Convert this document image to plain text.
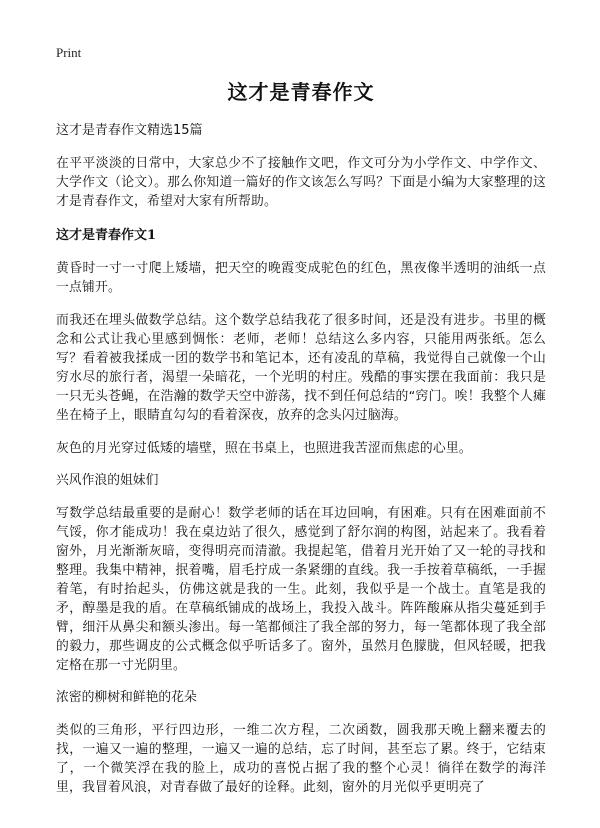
Print

这才是青春作文

这才是青春作文精选15篇

在平平淡淡的日常中，大家总少不了接触作文吧，作文可分为小学作文、中学作文、大学作文（论文）。那么你知道一篇好的作文该怎么写吗？下面是小编为大家整理的这才是青春作文，希望对大家有所帮助。

这才是青春作文1

黄昏时一寸一寸爬上矮墙，把天空的晚霞变成驼色的红色，黑夜像半透明的油纸一点一点铺开。

而我还在埋头做数学总结。这个数学总结我花了很多时间，还是没有进步。书里的概念和公式让我心里感到惆怅：老师，老师！总结这么多内容，只能用两张纸。怎么写？看着被我揉成一团的数学书和笔记本，还有凌乱的草稿，我觉得自己就像一个山穷水尽的旅行者，渴望一朵暗花，一个光明的村庄。残酷的事实摆在我面前：我只是一只无头苍蝇，在浩瀚的数学天空中游荡，找不到任何总结的“窍门。唉！我整个人瘫坐在椅子上，眼睛直勾勾的看着深夜，放弃的念头闪过脑海。

灰色的月光穿过低矮的墙壁，照在书桌上，也照进我苦涩而焦虑的心里。

兴风作浪的姐妹们

写数学总结最重要的是耐心！数学老师的话在耳边回响，有困难。只有在困难面前不气馁，你才能成功！我在桌边站了很久，感觉到了舒尔润的构图，站起来了。我看着窗外，月光渐渐灰暗，变得明亮而清澈。我提起笔，借着月光开始了又一轮的寻找和整理。我集中精神，抿着嘴，眉毛拧成一条紧绷的直线。我一手按着草稿纸，一手握着笔，有时抬起头，仿佛这就是我的一生。此刻，我似乎是一个战士。直笔是我的矛，醇墨是我的盾。在草稿纸铺成的战场上，我投入战斗。阵阵酸麻从指尖蔓延到手臂，细汗从鼻尖和额头渗出。每一笔都倾注了我全部的努力，每一笔都体现了我全部的毅力，那些调皮的公式概念似乎听话多了。窗外，虽然月色朦胧，但风轻暖，把我定格在那一寸光阴里。

浓密的柳树和鲜艳的花朵

类似的三角形，平行四边形，一维二次方程，二次函数，圆我那天晚上翻来覆去的找，一遍又一遍的整理，一遍又一遍的总结，忘了时间，甚至忘了累。终于，它结束了，一个微笑浮在我的脸上，成功的喜悦占据了我的整个心灵！徜徉在数学的海洋里，我冒着风浪，对青春做了最好的诠释。此刻，窗外的月光似乎更明亮了
